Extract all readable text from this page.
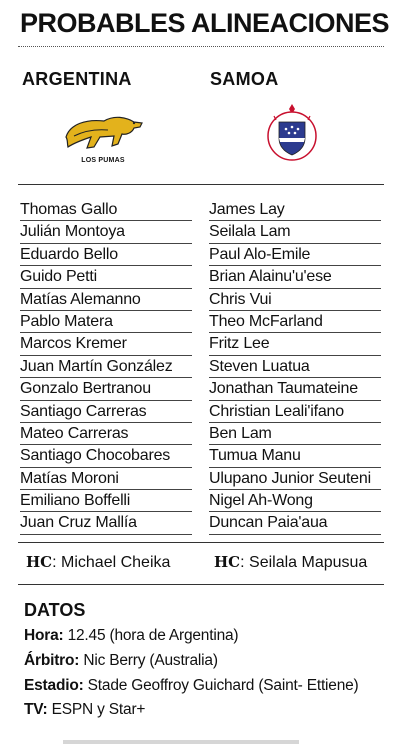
PROBABLES ALINEACIONES
ARGENTINA	SAMOA
LOS PUMAS
Thomas Gallo
Julián Montoya
Eduardo Bello
Guido Petti
Matías Alemanno
Pablo Matera
Marcos Kremer
Juan Martín González
Gonzalo Bertranou
Santiago Carreras
Mateo Carreras
Santiago Chocobares
Matías Moroni
Emiliano Boffelli
Juan Cruz Mallía
James Lay
Seilala Lam
Paul Alo-Emile
Brian Alainu'u'ese
Chris Vui
Theo McFarland
Fritz Lee
Steven Luatua
Jonathan Taumateine
Christian Leali'ifano
Ben Lam
Tumua Manu
Ulupano Junior Seuteni
Nigel Ah-Wong
Duncan Paia'aua
HC: Michael Cheika	HC: Seilala Mapusua
DATOS
Hora: 12.45 (hora de Argentina)
Árbitro: Nic Berry (Australia)
Estadio: Stade Geoffroy Guichard (Saint- Ettiene)
TV: ESPN y Star+
